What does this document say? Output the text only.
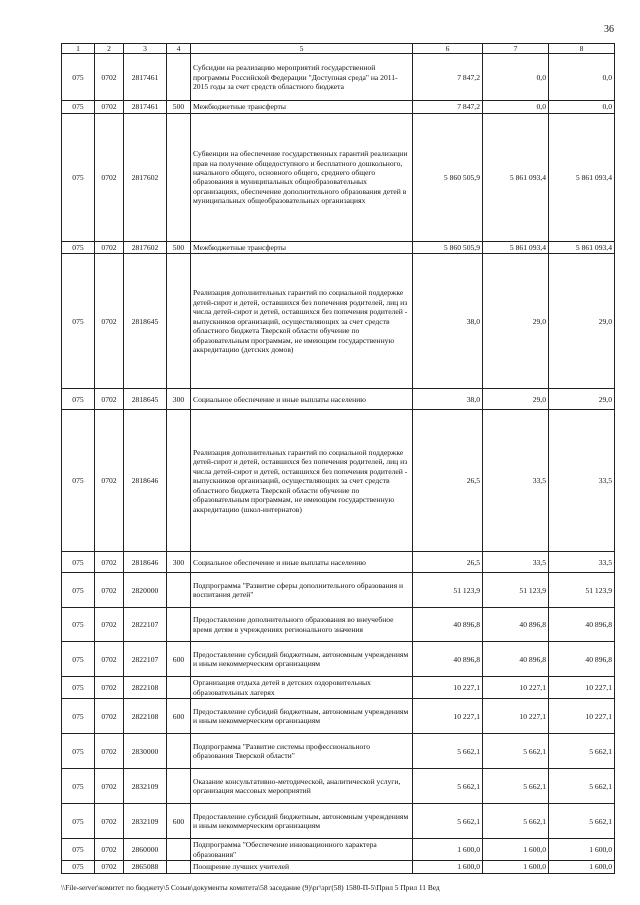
36
1	2	3	4	5	6	7	8
075	0702	2817461		Субсидии на реализацию мероприятий государственной программы Российской Федерации "Доступная среда" на 2011-2015 годы за счет средств областного бюджета	7 847,2	0,0	0,0
075	0702	2817461	500	Межбюджетные трансферты	7 847,2	0,0	0,0
075	0702	2817602		Субвенции на обеспечение государственных гарантий реализации прав на получение общедоступного и бесплатного дошкольного, начального общего, основного общего, среднего общего образования в муниципальных общеобразовательных организациях, обеспечение дополнительного образования детей в муниципальных общеобразовательных организациях	5 860 505,9	5 861 093,4	5 861 093,4
075	0702	2817602	500	Межбюджетные трансферты	5 860 505,9	5 861 093,4	5 861 093,4
075	0702	2818645		Реализация дополнительных гарантий по социальной поддержке детей-сирот и детей, оставшихся без попечения родителей, лиц из числа детей-сирот и детей, оставшихся без попечения родителей - выпускников организаций, осуществляющих за счет средств областного бюджета Тверской области обучение по образовательным программам, не имеющим государственную аккредитацию (детских домов)	38,0	29,0	29,0
075	0702	2818645	300	Социальное обеспечение и иные выплаты населению	38,0	29,0	29,0
075	0702	2818646		Реализация дополнительных гарантий по социальной поддержке детей-сирот и детей, оставшихся без попечения родителей, лиц из числа детей-сирот и детей, оставшихся без попечения родителей - выпускников организаций, осуществляющих за счет средств областного бюджета Тверской области обучение по образовательным программам, не имеющим государственную аккредитацию (школ-интернатов)	26,5	33,5	33,5
075	0702	2818646	300	Социальное обеспечение и иные выплаты населению	26,5	33,5	33,5
075	0702	2820000		Подпрограмма "Развитие сферы дополнительного образования и воспитания детей"	51 123,9	51 123,9	51 123,9
075	0702	2822107		Предоставление дополнительного образования во внеучебное время детям в учреждениях регионального значения	40 896,8	40 896,8	40 896,8
075	0702	2822107	600	Предоставление субсидий бюджетным, автономным учреждениям и иным некоммерческим организациям	40 896,8	40 896,8	40 896,8
075	0702	2822108		Организация отдыха детей в детских оздоровительных образовательных лагерях	10 227,1	10 227,1	10 227,1
075	0702	2822108	600	Предоставление субсидий бюджетным, автономным учреждениям и иным некоммерческим организациям	10 227,1	10 227,1	10 227,1
075	0702	2830000		Подпрограмма "Развитие системы профессионального образования Тверской области"	5 662,1	5 662,1	5 662,1
075	0702	2832109		Оказание консультативно-методической, аналитической услуги, организация массовых мероприятий	5 662,1	5 662,1	5 662,1
075	0702	2832109	600	Предоставление субсидий бюджетным, автономным учреждениям и иным некоммерческим организациям	5 662,1	5 662,1	5 662,1
075	0702	2860000		Подпрограмма "Обеспечение инновационного характера образования"	1 600,0	1 600,0	1 600,0
075	0702	2865088		Поощрение лучших учителей	1 600,0	1 600,0	1 600,0
\\File-server\комитет по бюджету\5 Созыв\документы комитета\58 заседание (9)\рг\зрг(58) 1580-П-5\Прил 5 Прил 11 Вед
